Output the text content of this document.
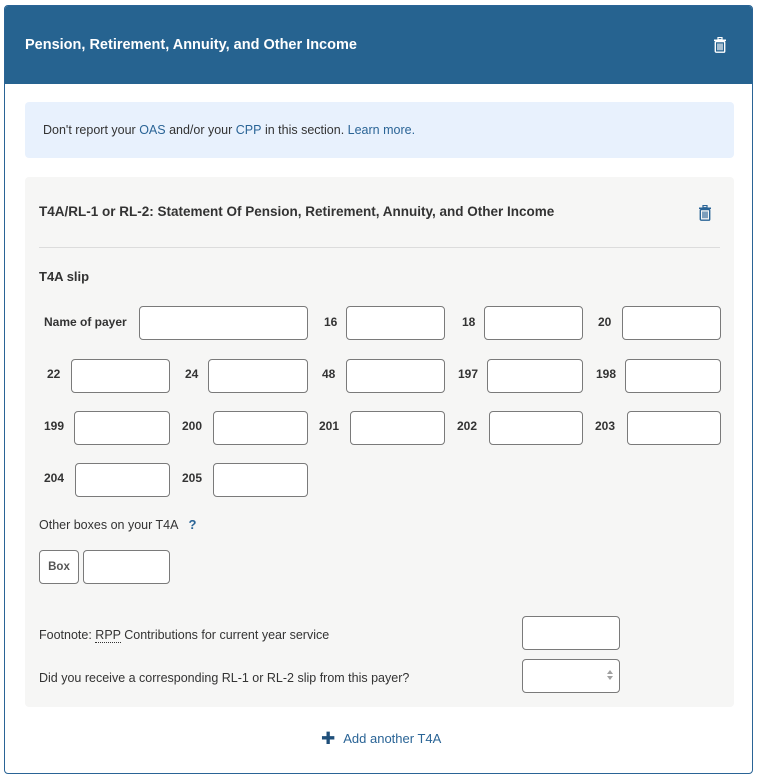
Pension, Retirement, Annuity, and Other Income
Don't report your OAS and/or your CPP in this section. Learn more.
T4A/RL-1 or RL-2: Statement Of Pension, Retirement, Annuity, and Other Income
T4A slip
Name of payer	16	18	20
22	24	48	197	198
199	200	201	202	203
204	205
Other boxes on your T4A ?
Box
Footnote: RPP Contributions for current year service
Did you receive a corresponding RL-1 or RL-2 slip from this payer?
✚ Add another T4A
